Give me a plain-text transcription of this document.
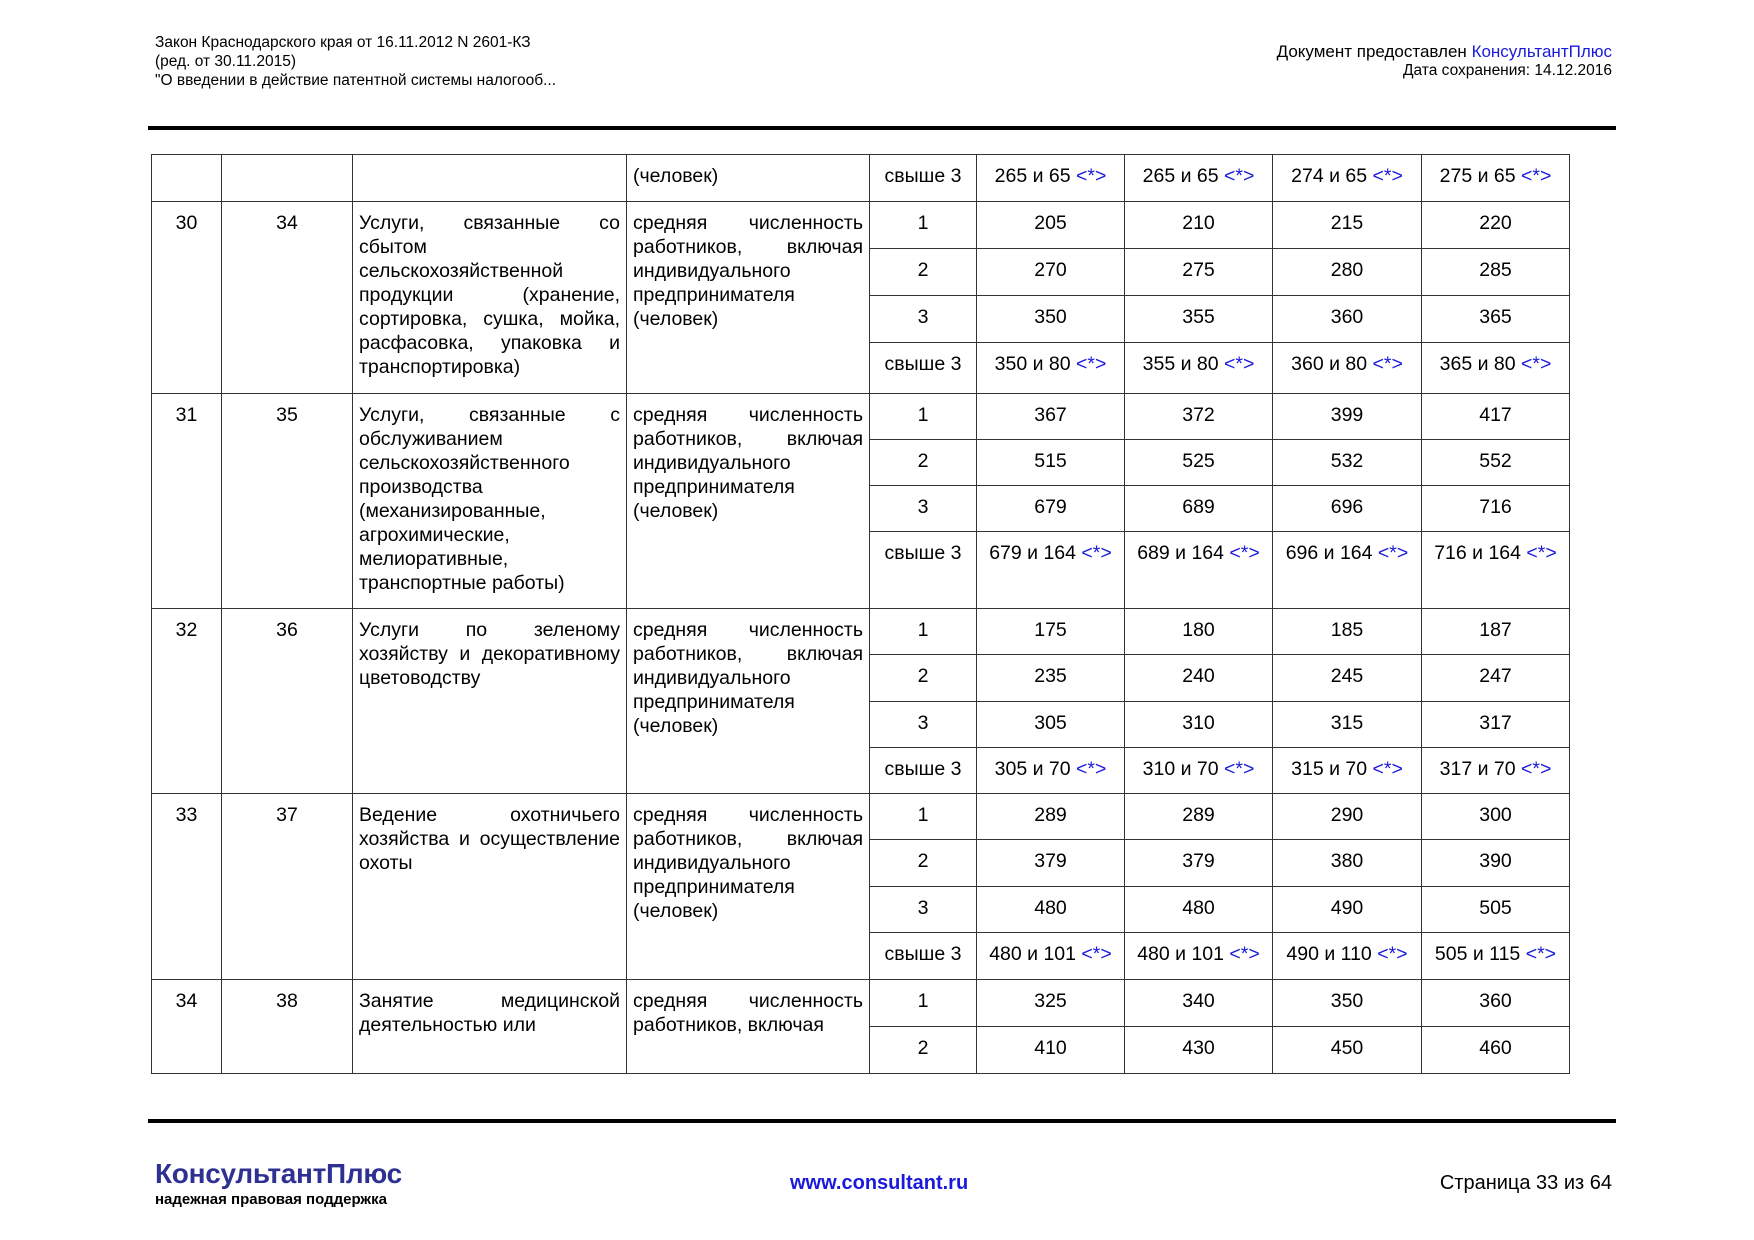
Закон Краснодарского края от 16.11.2012 N 2601-КЗ
(ред. от 30.11.2015)
"О введении в действие патентной системы налогооб...
Документ предоставлен КонсультантПлюс
Дата сохранения: 14.12.2016
			(человек)	свыше 3	265 и 65 <*>	265 и 65 <*>	274 и 65 <*>	275 и 65 <*>
30	34	Услуги, связанные со сбытом сельскохозяйственной продукции (хранение, сортировка, сушка, мойка, расфасовка, упаковка и транспортировка)	средняя численность работников, включая индивидуального предпринимателя (человек)	1	205	210	215	220
				2	270	275	280	285
				3	350	355	360	365
				свыше 3	350 и 80 <*>	355 и 80 <*>	360 и 80 <*>	365 и 80 <*>
31	35	Услуги, связанные с обслуживанием сельскохозяйственного производства (механизированные, агрохимические, мелиоративные, транспортные работы)	средняя численность работников, включая индивидуального предпринимателя (человек)	1	367	372	399	417
				2	515	525	532	552
				3	679	689	696	716
				свыше 3	679 и 164 <*>	689 и 164 <*>	696 и 164 <*>	716 и 164 <*>
32	36	Услуги по зеленому хозяйству и декоративному цветоводству	средняя численность работников, включая индивидуального предпринимателя (человек)	1	175	180	185	187
				2	235	240	245	247
				3	305	310	315	317
				свыше 3	305 и 70 <*>	310 и 70 <*>	315 и 70 <*>	317 и 70 <*>
33	37	Ведение охотничьего хозяйства и осуществление охоты	средняя численность работников, включая индивидуального предпринимателя (человек)	1	289	289	290	300
				2	379	379	380	390
				3	480	480	490	505
				свыше 3	480 и 101 <*>	480 и 101 <*>	490 и 110 <*>	505 и 115 <*>
34	38	Занятие медицинской деятельностью или	средняя численность работников, включая	1	325	340	350	360
				2	410	430	450	460
КонсультантПлюс
надежная правовая поддержка
www.consultant.ru	Страница 33 из 64
